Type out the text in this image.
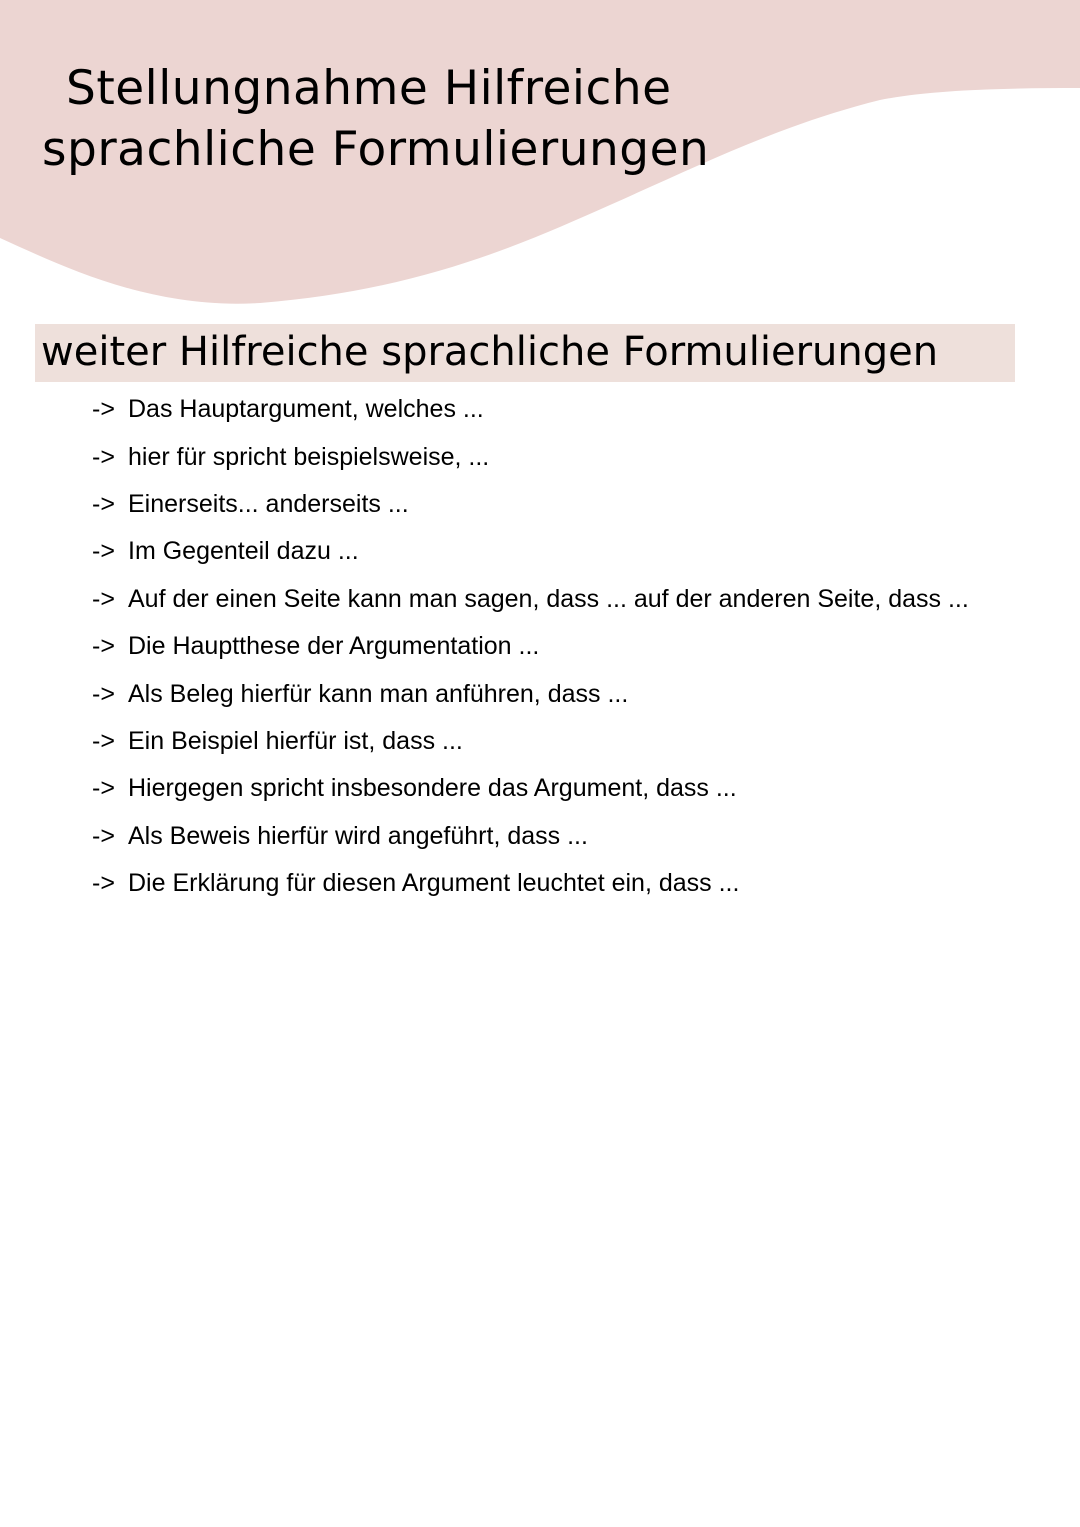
Stellungnahme Hilfreiche
sprachliche Formulierungen
weiter Hilfreiche sprachliche Formulierungen
-> Das Hauptargument, welches ...
-> hier für spricht beispielsweise, ...
-> Einerseits... anderseits ...
-> Im Gegenteil dazu ...
-> Auf der einen Seite kann man sagen, dass ... auf der anderen Seite, dass ...
-> Die Hauptthese der Argumentation ...
-> Als Beleg hierfür kann man anführen, dass ...
-> Ein Beispiel hierfür ist, dass ...
-> Hiergegen spricht insbesondere das Argument, dass ...
-> Als Beweis hierfür wird angeführt, dass ...
-> Die Erklärung für diesen Argument leuchtet ein, dass ...
